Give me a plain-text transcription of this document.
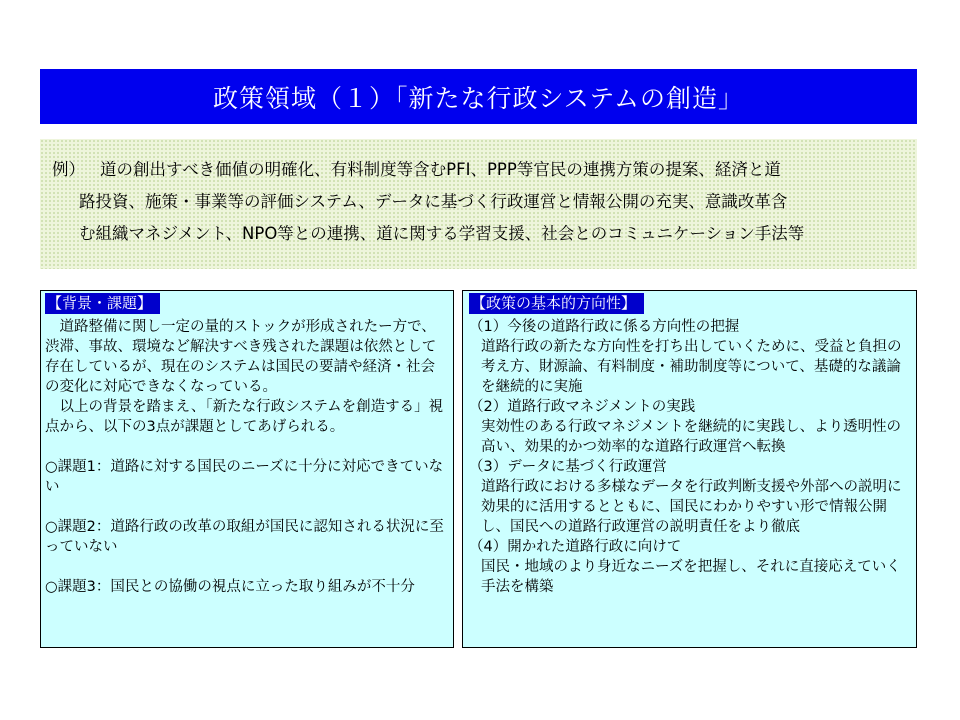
政策領域（１）「新たな行政システムの創造」
例） 道の創出すべき価値の明確化、有料制度等含むPFI、PPP等官民の連携方策の提案、経済と道
路投資、施策・事業等の評価システム、データに基づく行政運営と情報公開の充実、意識改革含
む組織マネジメント、NPO等との連携、道に関する学習支援、社会とのコミュニケーション手法等
【背景・課題】

道路整備に関し一定の量的ストックが形成されたー方で、渋滞、事故、環境など解決すべき残された課題は依然として存在しているが、現在のシステムは国民の要請や経済・社会の変化に対応できなくなっている。

以上の背景を踏まえ、「新たな行政システムを創造する」視点から、以下の3点が課題としてあげられる。

○課題1：道路に対する国民のニーズに十分に対応できていない

○課題2：道路行政の改革の取組が国民に認知される状況に至っていない

○課題3：国民との協働の視点に立った取り組みが不十分

【政策の基本的方向性】

（1）今後の道路行政に係る方向性の把握

道路行政の新たな方向性を打ち出していくために、受益と負担の考え方、財源論、有料制度・補助制度等について、基礎的な議論を継続的に実施

（2）道路行政マネジメントの実践

実効性のある行政マネジメントを継続的に実践し、より透明性の高い、効果的かつ効率的な道路行政運営へ転換

（3）データに基づく行政運営

道路行政における多様なデータを行政判断支援や外部への説明に効果的に活用するとともに、国民にわかりやすい形で情報公開し、国民への道路行政運営の説明責任をより徹底

（4）開かれた道路行政に向けて

国民・地域のより身近なニーズを把握し、それに直接応えていく手法を構築
